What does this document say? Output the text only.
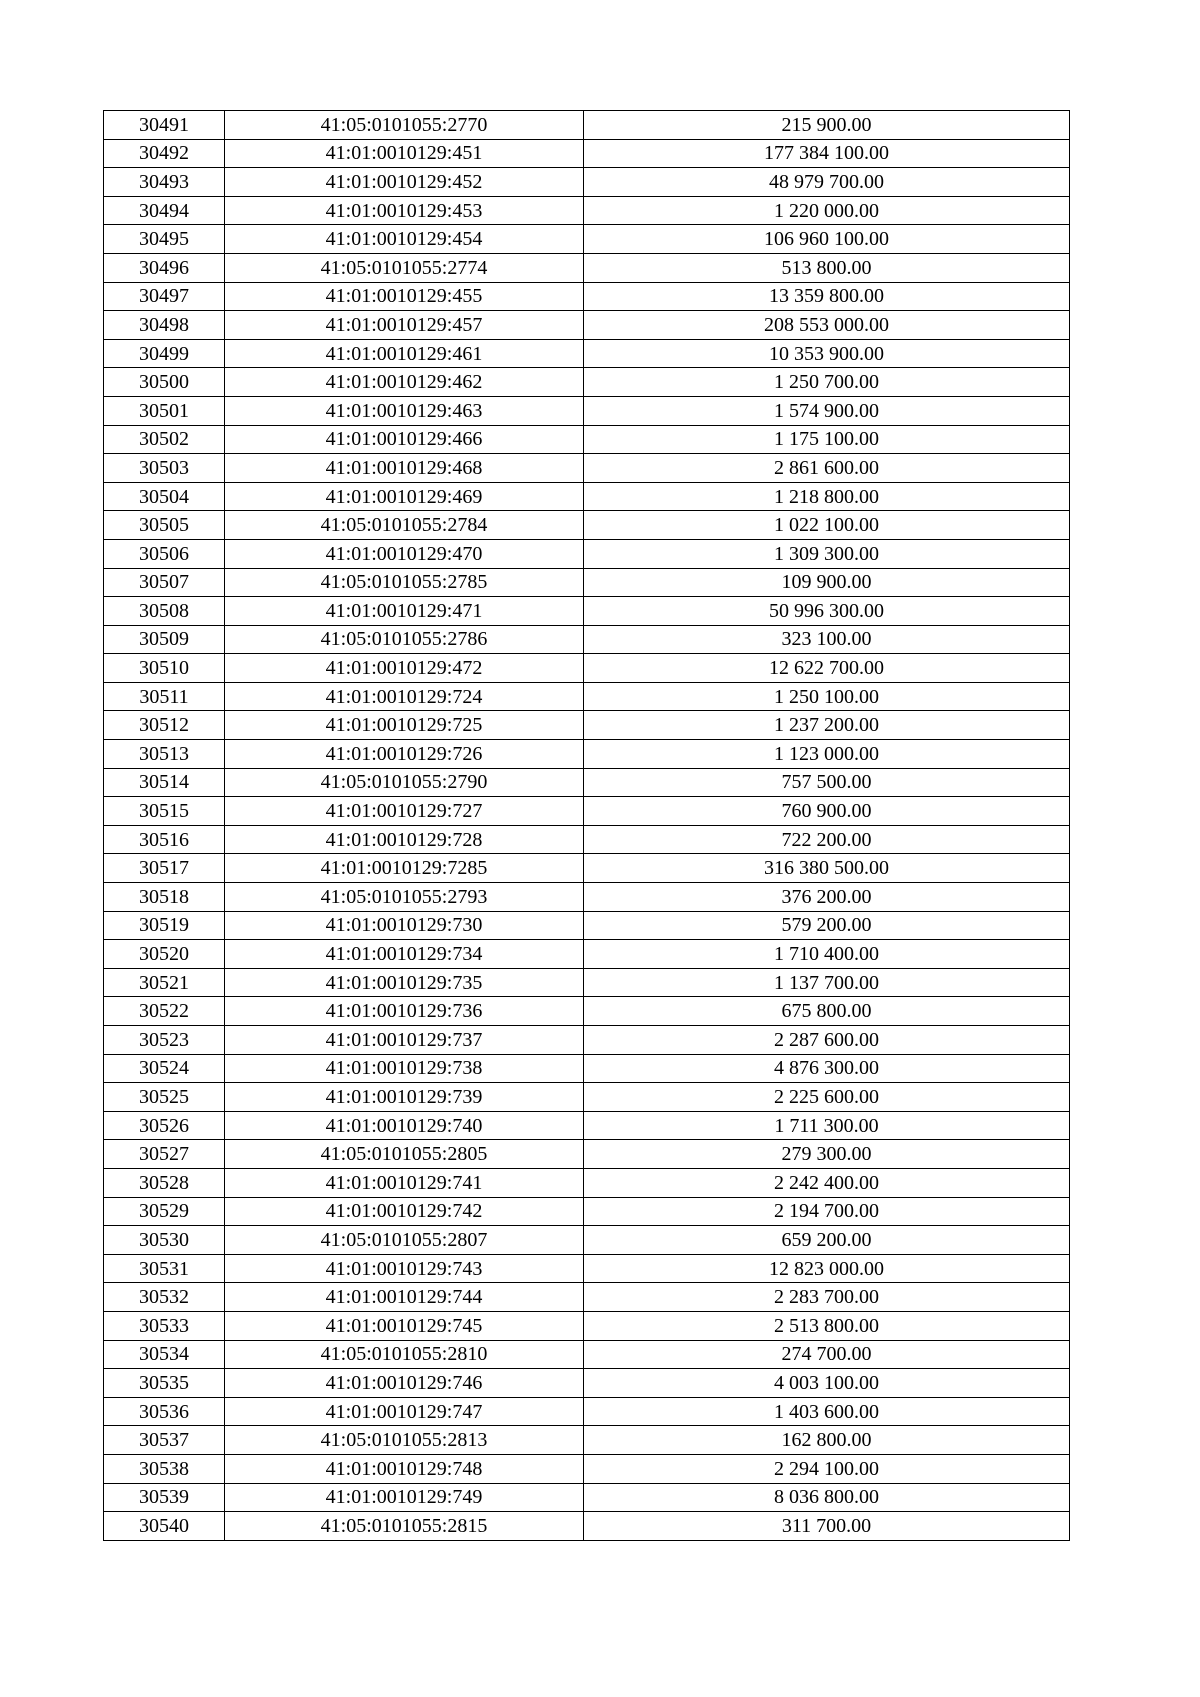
30491	41:05:0101055:2770	215 900.00
30492	41:01:0010129:451	177 384 100.00
30493	41:01:0010129:452	48 979 700.00
30494	41:01:0010129:453	1 220 000.00
30495	41:01:0010129:454	106 960 100.00
30496	41:05:0101055:2774	513 800.00
30497	41:01:0010129:455	13 359 800.00
30498	41:01:0010129:457	208 553 000.00
30499	41:01:0010129:461	10 353 900.00
30500	41:01:0010129:462	1 250 700.00
30501	41:01:0010129:463	1 574 900.00
30502	41:01:0010129:466	1 175 100.00
30503	41:01:0010129:468	2 861 600.00
30504	41:01:0010129:469	1 218 800.00
30505	41:05:0101055:2784	1 022 100.00
30506	41:01:0010129:470	1 309 300.00
30507	41:05:0101055:2785	109 900.00
30508	41:01:0010129:471	50 996 300.00
30509	41:05:0101055:2786	323 100.00
30510	41:01:0010129:472	12 622 700.00
30511	41:01:0010129:724	1 250 100.00
30512	41:01:0010129:725	1 237 200.00
30513	41:01:0010129:726	1 123 000.00
30514	41:05:0101055:2790	757 500.00
30515	41:01:0010129:727	760 900.00
30516	41:01:0010129:728	722 200.00
30517	41:01:0010129:7285	316 380 500.00
30518	41:05:0101055:2793	376 200.00
30519	41:01:0010129:730	579 200.00
30520	41:01:0010129:734	1 710 400.00
30521	41:01:0010129:735	1 137 700.00
30522	41:01:0010129:736	675 800.00
30523	41:01:0010129:737	2 287 600.00
30524	41:01:0010129:738	4 876 300.00
30525	41:01:0010129:739	2 225 600.00
30526	41:01:0010129:740	1 711 300.00
30527	41:05:0101055:2805	279 300.00
30528	41:01:0010129:741	2 242 400.00
30529	41:01:0010129:742	2 194 700.00
30530	41:05:0101055:2807	659 200.00
30531	41:01:0010129:743	12 823 000.00
30532	41:01:0010129:744	2 283 700.00
30533	41:01:0010129:745	2 513 800.00
30534	41:05:0101055:2810	274 700.00
30535	41:01:0010129:746	4 003 100.00
30536	41:01:0010129:747	1 403 600.00
30537	41:05:0101055:2813	162 800.00
30538	41:01:0010129:748	2 294 100.00
30539	41:01:0010129:749	8 036 800.00
30540	41:05:0101055:2815	311 700.00
